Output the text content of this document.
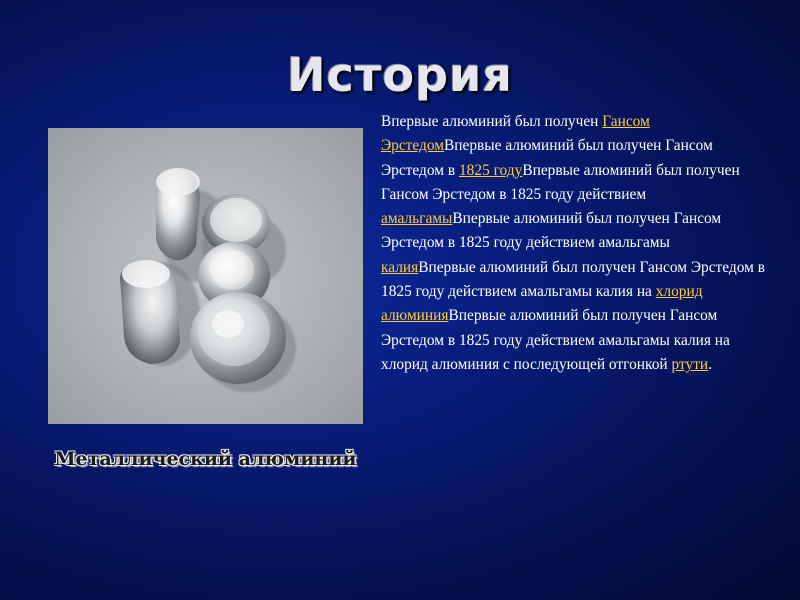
История
Металлический алюминий
Впервые алюминий был получен Гансом ЭрстедомВпервые алюминий был получен Гансом Эрстедом в 1825 годуВпервые алюминий был получен Гансом Эрстедом в 1825 году действием амальгамыВпервые алюминий был получен Гансом Эрстедом в 1825 году действием амальгамы калияВпервые алюминий был получен Гансом Эрстедом в 1825 году действием амальгамы калия на хлорид алюминияВпервые алюминий был получен Гансом Эрстедом в 1825 году действием амальгамы калия на хлорид алюминия с последующей отгонкой ртути.
